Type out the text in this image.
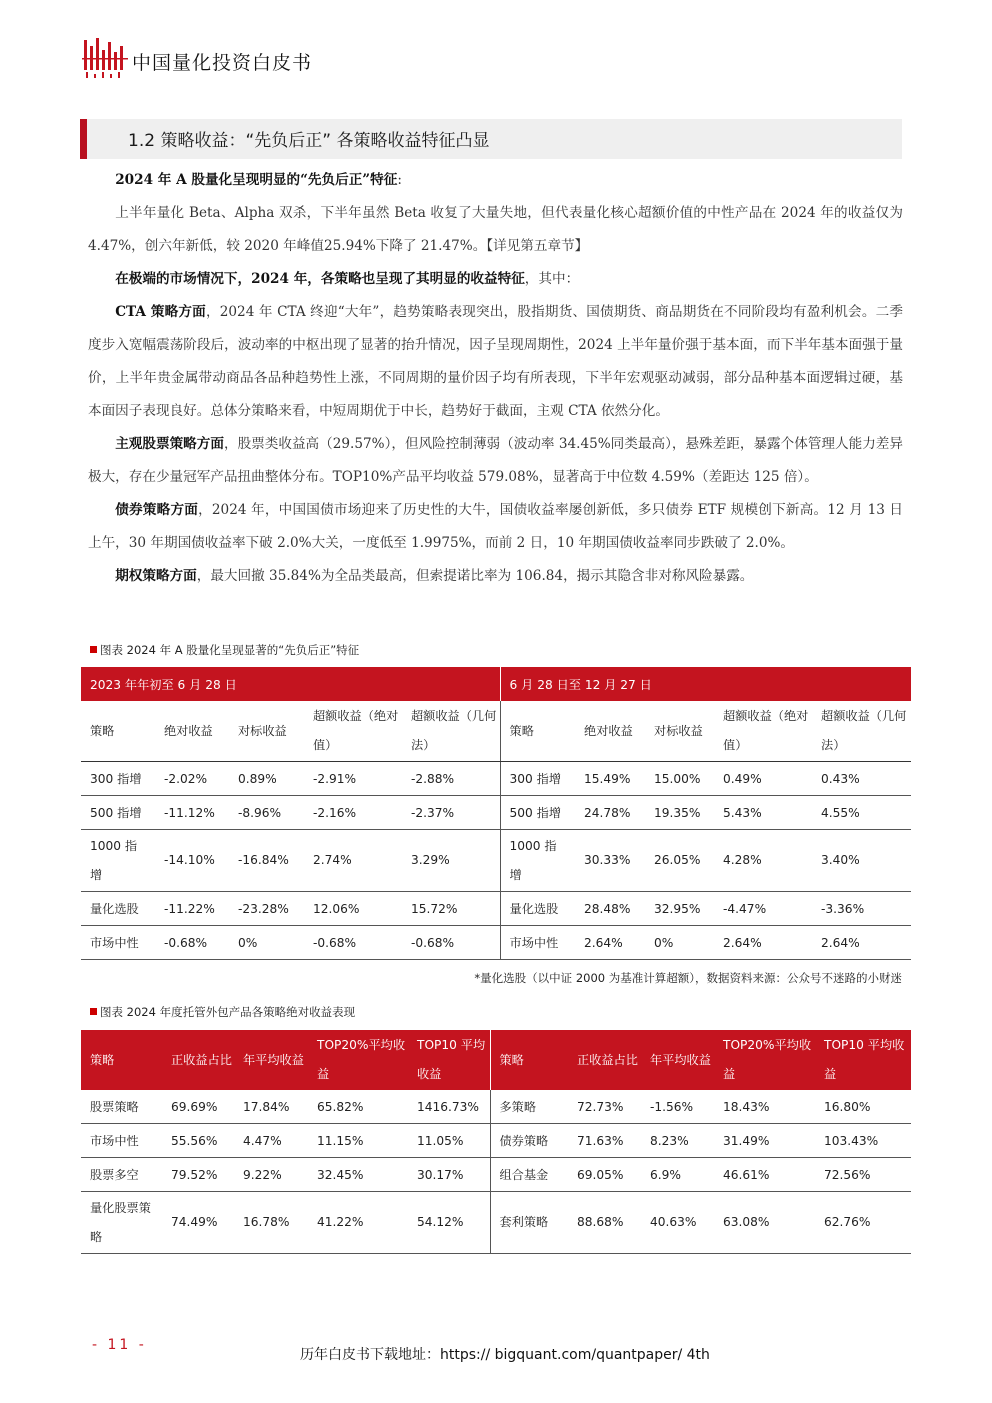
中国量化投资白皮书
1.2 策略收益：“先负后正” 各策略收益特征凸显

2024 年 A 股量化呈现明显的“先负后正”特征:

上半年量化 Beta、Alpha 双杀，下半年虽然 Beta 收复了大量失地，但代表量化核心超额价值的中性产品在 2024 年的收益仅为 4.47%，创六年新低，较 2020 年峰值25.94%下降了 21.47%。【详见第五章节】

在极端的市场情况下，2024 年，各策略也呈现了其明显的收益特征，其中：

CTA 策略方面，2024 年 CTA 终迎“大年”，趋势策略表现突出，股指期货、国债期货、商品期货在不同阶段均有盈利机会。二季度步入宽幅震荡阶段后，波动率的中枢出现了显著的抬升情况，因子呈现周期性，2024 上半年量价强于基本面，而下半年基本面强于量价，上半年贵金属带动商品各品种趋势性上涨，不同周期的量价因子均有所表现，下半年宏观驱动减弱，部分品种基本面逻辑过硬，基本面因子表现良好。总体分策略来看，中短周期优于中长，趋势好于截面，主观 CTA 依然分化。

主观股票策略方面，股票类收益高（29.57%），但风险控制薄弱（波动率 34.45%同类最高），悬殊差距，暴露个体管理人能力差异极大，存在少量冠军产品扭曲整体分布。TOP10%产品平均收益 579.08%，显著高于中位数 4.59%（差距达 125 倍）。

债券策略方面，2024 年，中国国债市场迎来了历史性的大牛，国债收益率屡创新低，多只债券 ETF 规模创下新高。12 月 13 日上午，30 年期国债收益率下破 2.0%大关，一度低至 1.9975%，而前 2 日，10 年期国债收益率同步跌破了 2.0%。

期权策略方面，最大回撤 35.84%为全品类最高，但索提诺比率为 106.84，揭示其隐含非对称风险暴露。

图表 2024 年 A 股量化呈现显著的“先负后正”特征
2023 年年初至 6 月 28 日					6 月 28 日至 12 月 27 日				
策略	绝对收益	对标收益	超额收益（绝对值）	超额收益（几何法）	策略	绝对收益	对标收益	超额收益（绝对值）	超额收益（几何法）
300 指增	-2.02%	0.89%	-2.91%	-2.88%	300 指增	15.49%	15.00%	0.49%	0.43%
500 指增	-11.12%	-8.96%	-2.16%	-2.37%	500 指增	24.78%	19.35%	5.43%	4.55%
1000 指增	-14.10%	-16.84%	2.74%	3.29%	1000 指增	30.33%	26.05%	4.28%	3.40%
量化选股	-11.22%	-23.28%	12.06%	15.72%	量化选股	28.48%	32.95%	-4.47%	-3.36%
市场中性	-0.68%	0%	-0.68%	-0.68%	市场中性	2.64%	0%	2.64%	2.64%
*量化选股（以中证 2000 为基准计算超额），数据资料来源：公众号不迷路的小财迷
图表 2024 年度托管外包产品各策略绝对收益表现
策略	正收益占比	年平均收益	TOP20%平均收益	TOP10 平均收益	策略	正收益占比	年平均收益	TOP20%平均收益	TOP10 平均收益
股票策略	69.69%	17.84%	65.82%	1416.73%	多策略	72.73%	-1.56%	18.43%	16.80%
市场中性	55.56%	4.47%	11.15%	11.05%	债券策略	71.63%	8.23%	31.49%	103.43%
股票多空	79.52%	9.22%	32.45%	30.17%	组合基金	69.05%	6.9%	46.61%	72.56%
量化股票策略	74.49%	16.78%	41.22%	54.12%	套利策略	88.68%	40.63%	63.08%	62.76%
- 11 -
历年白皮书下载地址：https:// bigquant.com/quantpaper/ 4th
